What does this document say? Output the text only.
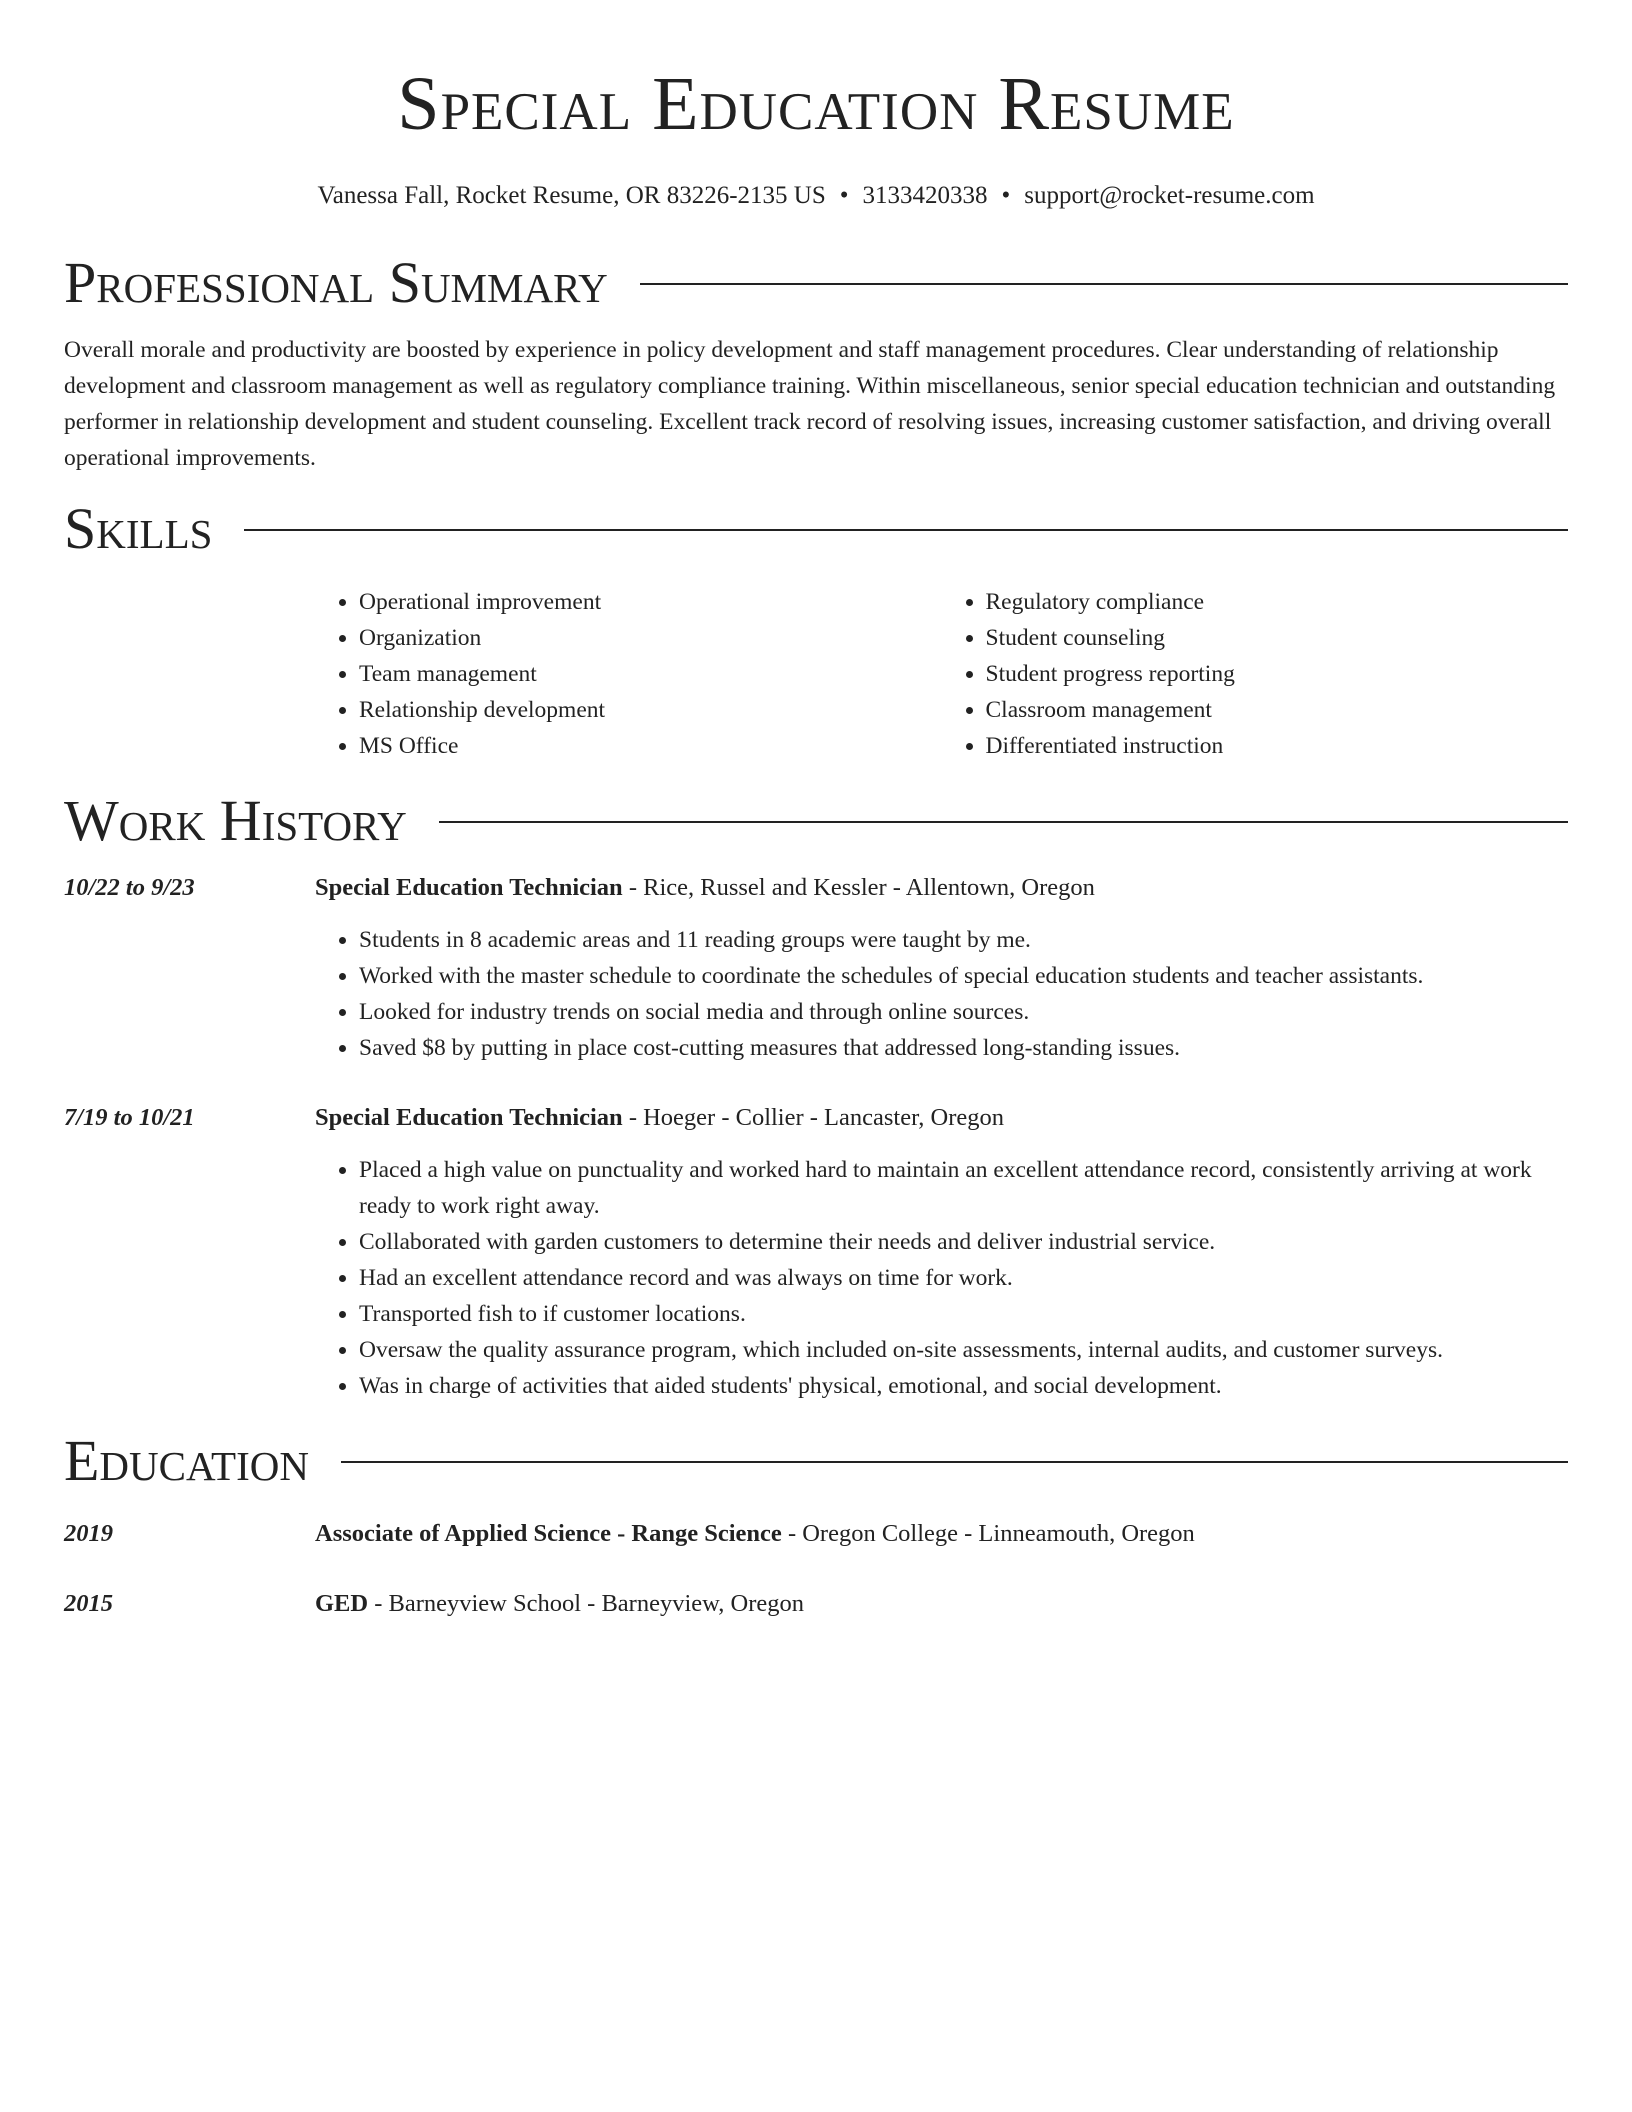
Special Education Resume
Vanessa Fall, Rocket Resume, OR 83226-2135 US • 3133420338 • support@rocket-resume.com
Professional Summary

Overall morale and productivity are boosted by experience in policy development and staff management procedures. Clear understanding of relationship development and classroom management as well as regulatory compliance training. Within miscellaneous, senior special education technician and outstanding performer in relationship development and student counseling. Excellent track record of resolving issues, increasing customer satisfaction, and driving overall operational improvements.

Skills
• Operational improvement
• Organization
• Team management
• Relationship development
• MS Office
• Regulatory compliance
• Student counseling
• Student progress reporting
• Classroom management
• Differentiated instruction
Work History
10/22 to 9/23	Special Education Technician - Rice, Russel and Kessler - Allentown, Oregon

• Students in 8 academic areas and 11 reading groups were taught by me.
• Worked with the master schedule to coordinate the schedules of special education students and teacher assistants.
• Looked for industry trends on social media and through online sources.
• Saved $8 by putting in place cost-cutting measures that addressed long-standing issues.
7/19 to 10/21	Special Education Technician - Hoeger - Collier - Lancaster, Oregon

• Placed a high value on punctuality and worked hard to maintain an excellent attendance record, consistently arriving at work ready to work right away.
• Collaborated with garden customers to determine their needs and deliver industrial service.
• Had an excellent attendance record and was always on time for work.
• Transported fish to if customer locations.
• Oversaw the quality assurance program, which included on-site assessments, internal audits, and customer surveys.
• Was in charge of activities that aided students' physical, emotional, and social development.
Education
2019	Associate of Applied Science - Range Science - Oregon College - Linneamouth, Oregon

2015	GED - Barneyview School - Barneyview, Oregon
